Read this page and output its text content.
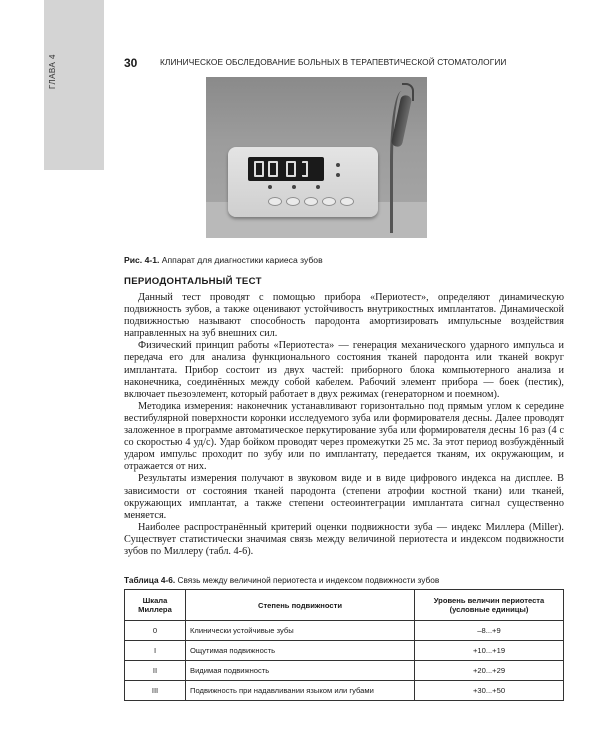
ГЛАВА 4	30	КЛИНИЧЕСКОЕ ОБСЛЕДОВАНИЕ БОЛЬНЫХ В ТЕРАПЕВТИЧЕСКОЙ СТОМАТОЛОГИИ
Рис. 4-1. Аппарат для диагностики кариеса зубов
ПЕРИОДОНТАЛЬНЫЙ ТЕСТ

Данный тест проводят с помощью прибора «Периотест», определяют динамическую подвижность зубов, а также оценивают устойчивость внутрикостных имплантатов. Динамической подвижностью называют способность пародонта амортизировать импульсные воздействия направленных на зуб внешних сил.

Физический принцип работы «Периотеста» — генерация механического ударного импульса и передача его для анализа функционального состояния тканей пародонта или тканей вокруг имплантата. Прибор состоит из двух частей: приборного блока компьютерного анализа и наконечника, соединённых между собой кабелем. Рабочий элемент прибора — боек (пестик), включает пьезоэлемент, который работает в двух режимах (генераторном и поемном).

Методика измерения: наконечник устанавливают горизонтально под прямым углом к середине вестибулярной поверхности коронки исследуемого зуба или формирователя десны. Далее проводят заложенное в программе автоматическое перкутирование зуба или формирователя десны 16 раз (4 с со скоростью 4 уд/с). Удар бойком проводят через промежутки 25 мс. За этот период возбуждённый ударом импульс проходит по зубу или по имплантату, передается тканям, их окружающим, и отражается от них.

Результаты измерения получают в звуковом виде и в виде цифрового индекса на дисплее. В зависимости от состояния тканей пародонта (степени атрофии костной ткани) или тканей, окружающих имплантат, а также степени остеоинтеграции имплантата сигнал существенно меняется.

Наиболее распространённый критерий оценки подвижности зуба — индекс Миллера (Miller). Существует статистически значимая связь между величиной периотеста и индексом подвижности зубов по Миллеру (табл. 4-6).

Таблица 4-6. Связь между величиной периотеста и индексом подвижности зубов
Шкала Миллера	Степень подвижности	Уровень величин периотеста (условные единицы)
0	Клинически устойчивые зубы	–8...+9
I	Ощутимая подвижность	+10...+19
II	Видимая подвижность	+20...+29
III	Подвижность при надавливании языком или губами	+30...+50
